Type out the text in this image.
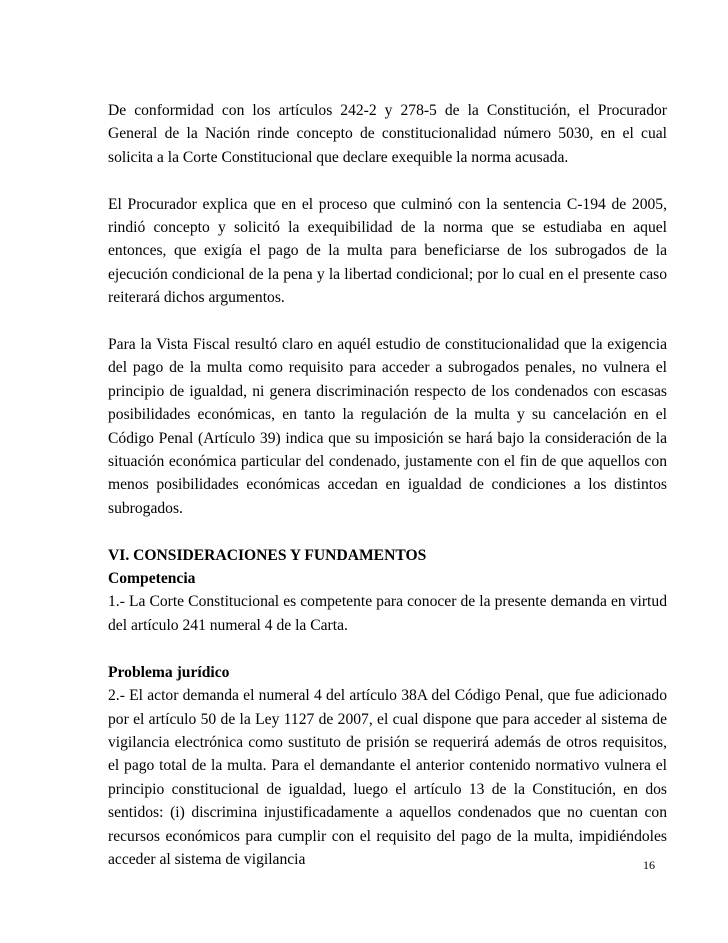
De conformidad con los artículos 242-2 y 278-5 de la Constitución, el Procurador General de la Nación rinde concepto de constitucionalidad número 5030, en el cual solicita a la Corte Constitucional que declare exequible la norma acusada.

El Procurador explica que en el proceso que culminó con la sentencia C-194 de 2005, rindió concepto y solicitó la exequibilidad de la norma que se estudiaba en aquel entonces, que exigía el pago de la multa para beneficiarse de los subrogados de la ejecución condicional de la pena y la libertad condicional; por lo cual en el presente caso reiterará dichos argumentos.

Para la Vista Fiscal resultó claro en aquél estudio de constitucionalidad que la exigencia del pago de la multa como requisito para acceder a subrogados penales, no vulnera el principio de igualdad, ni genera discriminación respecto de los condenados con escasas posibilidades económicas, en tanto la regulación de la multa y su cancelación en el Código Penal (Artículo 39) indica que su imposición se hará bajo la consideración de la situación económica particular del condenado, justamente con el fin de que aquellos con menos posibilidades económicas accedan en igualdad de condiciones a los distintos subrogados.

VI. CONSIDERACIONES Y FUNDAMENTOS

Competencia

1.- La Corte Constitucional es competente para conocer de la presente demanda en virtud del artículo 241 numeral 4 de la Carta.

Problema jurídico

2.- El actor demanda el numeral 4 del artículo 38A del Código Penal, que fue adicionado por el artículo 50 de la Ley 1127 de 2007, el cual dispone que para acceder al sistema de vigilancia electrónica como sustituto de prisión se requerirá además de otros requisitos, el pago total de la multa. Para el demandante el anterior contenido normativo vulnera el principio constitucional de igualdad, luego el artículo 13 de la Constitución, en dos sentidos: (i) discrimina injustificadamente a aquellos condenados que no cuentan con recursos económicos para cumplir con el requisito del pago de la multa, impidiéndoles acceder al sistema de vigilancia	16
